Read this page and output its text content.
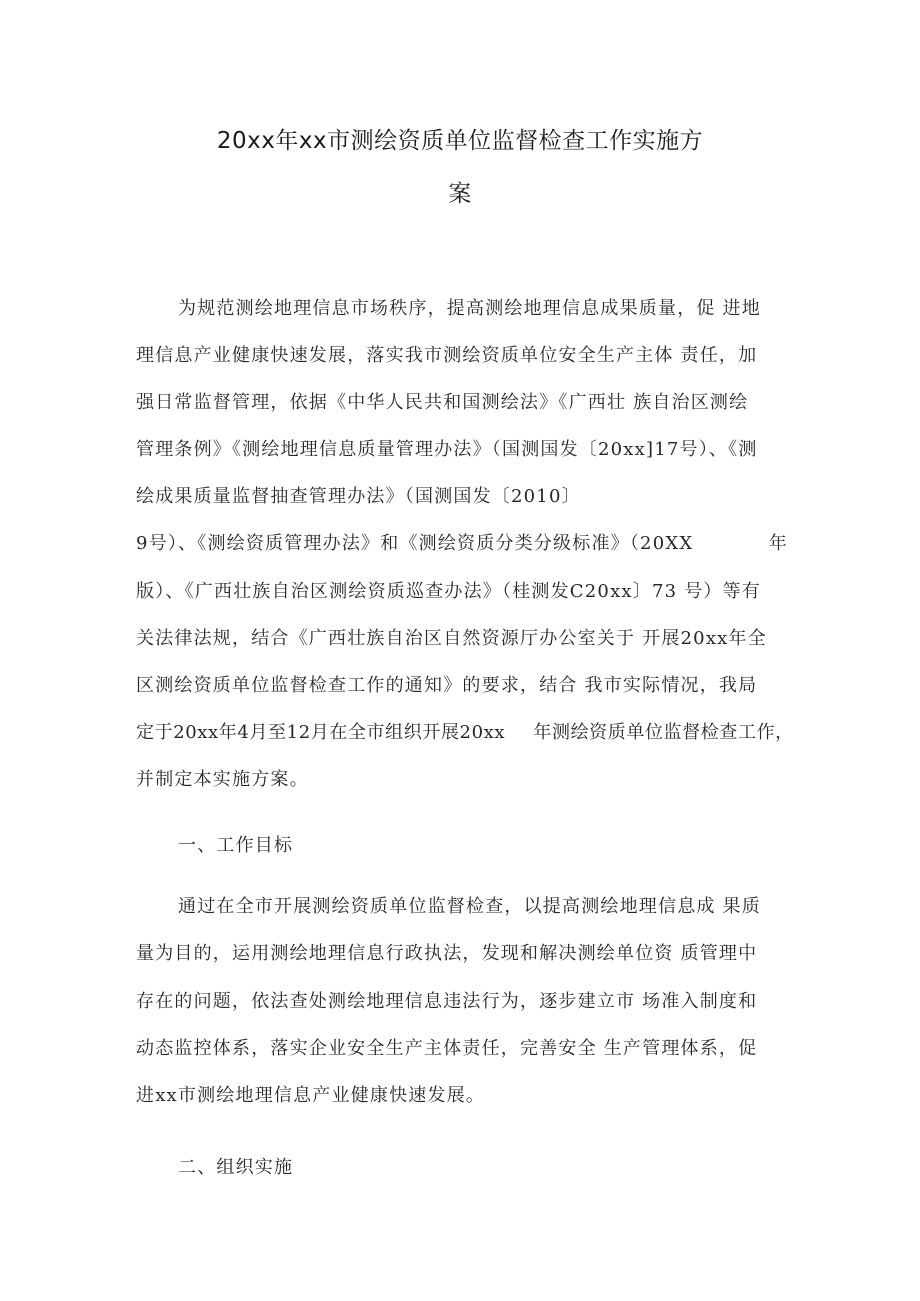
20xx年xx市测绘资质单位监督检查工作实施方
案
为规范测绘地理信息市场秩序，提高测绘地理信息成果质量，促 进地
理信息产业健康快速发展，落实我市测绘资质单位安全生产主体 责任，加
强日常监督管理，依据《中华人民共和国测绘法》《广西壮 族自治区测绘
管理条例》《测绘地理信息质量管理办法》（国测国发〔20xx]17号）、《测
绘成果质量监督抽查管理办法》（国测国发〔2010〕
9号）、《测绘资质管理办法》和《测绘资质分类分级标准》（20XX	年
版）、《广西壮族自治区测绘资质巡查办法》（桂测发C20xx〕73 号）等有
关法律法规，结合《广西壮族自治区自然资源厅办公室关于 开展20xx年全
区测绘资质单位监督检查工作的通知》的要求，结合 我市实际情况，我局
定于20xx年4月至12月在全市组织开展20xx   年测绘资质单位监督检查工作，
并制定本实施方案。
一、工作目标
通过在全市开展测绘资质单位监督检查，以提高测绘地理信息成 果质
量为目的，运用测绘地理信息行政执法，发现和解决测绘单位资 质管理中
存在的问题，依法查处测绘地理信息违法行为，逐步建立市 场准入制度和
动态监控体系，落实企业安全生产主体责任，完善安全 生产管理体系，促
进xx市测绘地理信息产业健康快速发展。
二、组织实施
